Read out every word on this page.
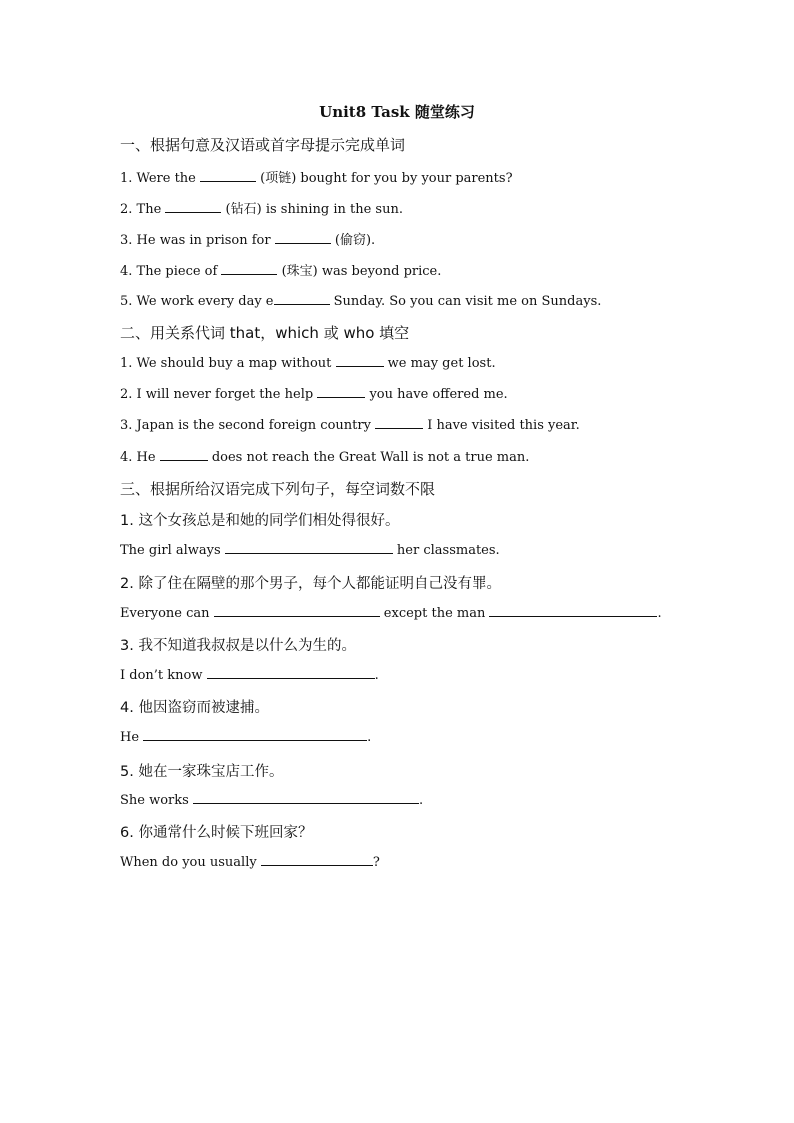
Unit8 Task 随堂练习
一、根据句意及汉语或首字母提示完成单词
1. Were the	(项链) bought for you by your parents?
2. The	(钻石) is shining in the sun.
3. He was in prison for	(偷窃).
4. The piece of	(珠宝) was beyond price.
5. We work every day e	Sunday. So you can visit me on Sundays.
二、用关系代词 that，which 或 who 填空
1. We should buy a map without	we may get lost.
2. I will never forget the help	you have offered me.
3. Japan is the second foreign country	I have visited this year.
4. He	does not reach the Great Wall is not a true man.
三、根据所给汉语完成下列句子，每空词数不限
1. 这个女孩总是和她的同学们相处得很好。
The girl always	her classmates.
2. 除了住在隔壁的那个男子，每个人都能证明自己没有罪。
Everyone can	except the man	.
3. 我不知道我叔叔是以什么为生的。
I don’t know	.
4. 他因盗窃而被逮捕。
He	.
5. 她在一家珠宝店工作。
She works	.
6. 你通常什么时候下班回家？
When do you usually	?
